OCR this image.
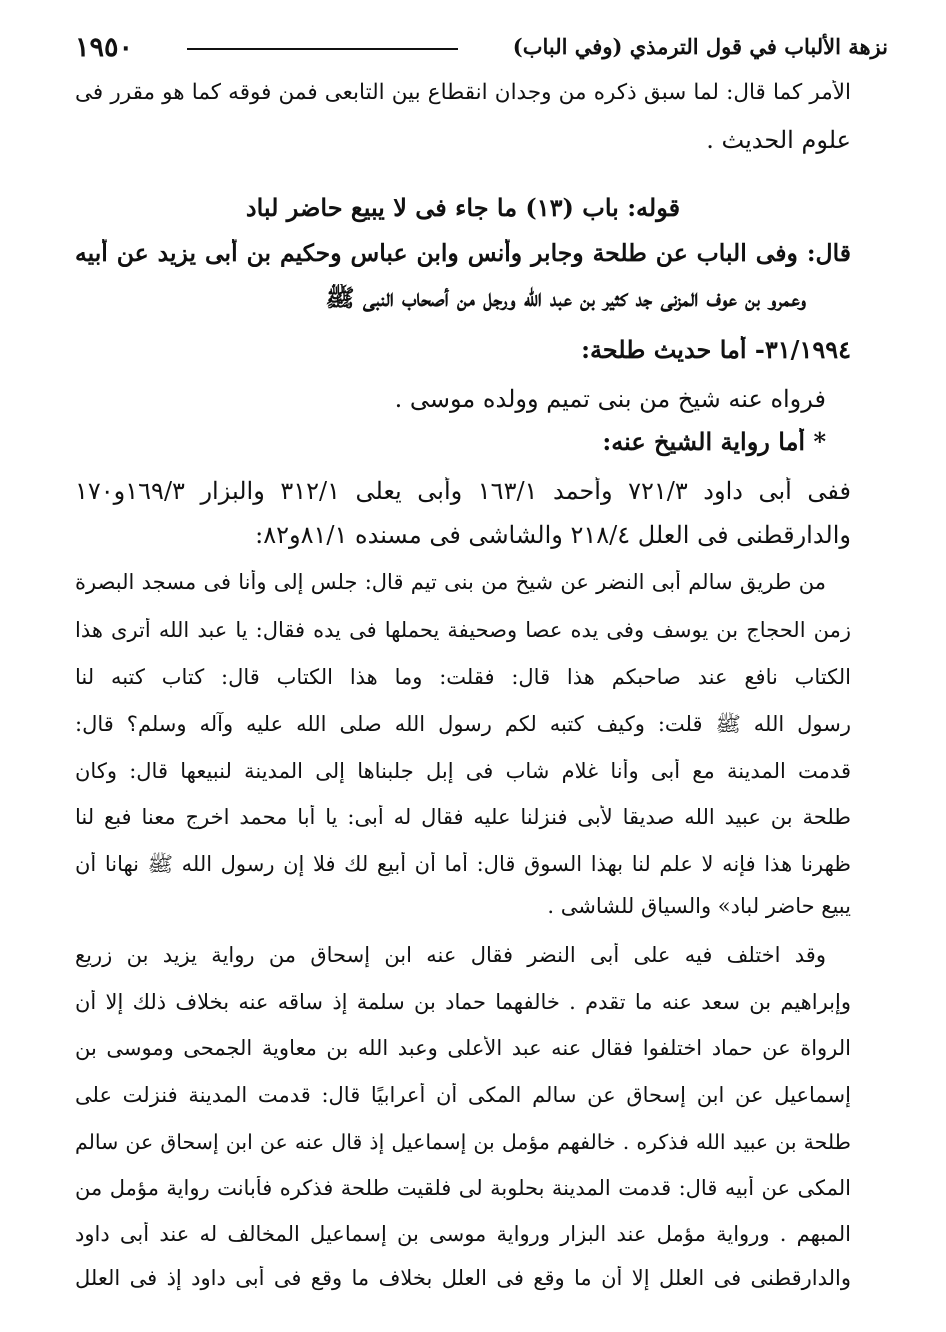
١٩٥٠	نزهة الألباب في قول الترمذي (وفي الباب)
الأمر كما قال: لما سبق ذكره من وجدان انقطاع بين التابعى فمن فوقه كما هو مقرر فى
علوم الحديث .
قوله: باب (١٣) ما جاء فى لا يبيع حاضر لباد
قال: وفى الباب عن طلحة وجابر وأنس وابن عباس وحكيم بن أبى يزيد عن أبيه
وعمرو بن عوف المزنى جد كثير بن عبد الله ورجل من أصحاب النبى ﷺ
٣١/١٩٩٤- أما حديث طلحة:
فرواه عنه شيخ من بنى تميم وولده موسى .
* أما رواية الشيخ عنه:
ففى أبى داود ٧٢١/٣ وأحمد ١٦٣/١ وأبى يعلى ٣١٢/١ والبزار ١٦٩/٣و١٧٠
والدارقطنى فى العلل ٢١٨/٤ والشاشى فى مسنده ٨١/١و٨٢:
من طريق سالم أبى النضر عن شيخ من بنى تيم قال: جلس إلى وأنا فى مسجد البصرة
زمن الحجاج بن يوسف وفى يده عصا وصحيفة يحملها فى يده فقال: يا عبد الله أترى هذا
الكتاب نافع عند صاحبكم هذا قال: فقلت: وما هذا الكتاب قال: كتاب كتبه لنا
رسول الله ﷺ قلت: وكيف كتبه لكم رسول الله صلى الله عليه وآله وسلم؟ قال:
قدمت المدينة مع أبى وأنا غلام شاب فى إبل جلبناها إلى المدينة لنبيعها قال: وكان
طلحة بن عبيد الله صديقا لأبى فنزلنا عليه فقال له أبى: يا أبا محمد اخرج معنا فبع لنا
ظهرنا هذا فإنه لا علم لنا بهذا السوق قال: أما أن أبيع لك فلا إن رسول الله ﷺ نهانا أن
يبيع حاضر لباد» والسياق للشاشى .
وقد اختلف فيه على أبى النضر فقال عنه ابن إسحاق من رواية يزيد بن زريع
وإبراهيم بن سعد عنه ما تقدم . خالفهما حماد بن سلمة إذ ساقه عنه بخلاف ذلك إلا أن
الرواة عن حماد اختلفوا فقال عنه عبد الأعلى وعبد الله بن معاوية الجمحى وموسى بن
إسماعيل عن ابن إسحاق عن سالم المكى أن أعرابيًا قال: قدمت المدينة فنزلت على
طلحة بن عبيد الله فذكره . خالفهم مؤمل بن إسماعيل إذ قال عنه عن ابن إسحاق عن سالم
المكى عن أبيه قال: قدمت المدينة بحلوبة لى فلقيت طلحة فذكره فأبانت رواية مؤمل من
المبهم . ورواية مؤمل عند البزار ورواية موسى بن إسماعيل المخالف له عند أبى داود
والدارقطنى فى العلل إلا أن ما وقع فى العلل بخلاف ما وقع فى أبى داود إذ فى العلل
